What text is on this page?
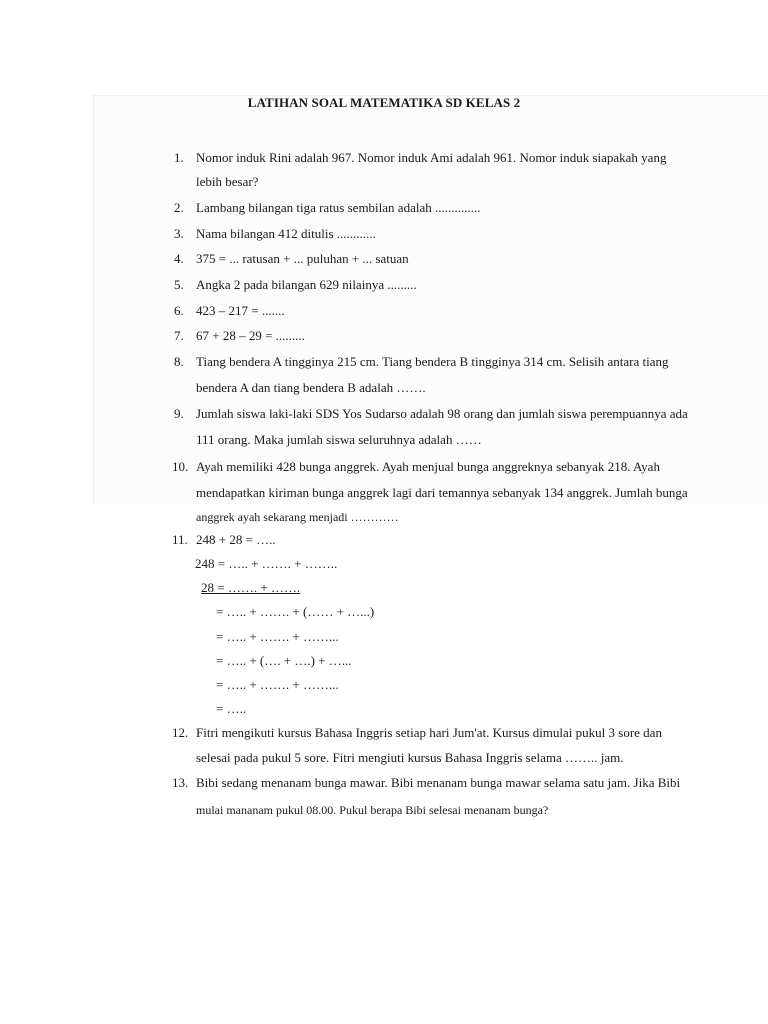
LATIHAN SOAL MATEMATIKA SD KELAS 2
1. Nomor induk Rini adalah 967. Nomor induk Ami adalah 961. Nomor induk siapakah yang
lebih besar?
2. Lambang bilangan tiga ratus sembilan adalah ..............
3. Nama bilangan 412 ditulis ............
4. 375 = ... ratusan + ... puluhan + ... satuan
5. Angka 2 pada bilangan 629 nilainya .........
6. 423 – 217 = .......
7. 67 + 28 – 29 = .........
8. Tiang bendera A tingginya 215 cm. Tiang bendera B tingginya 314 cm. Selisih antara tiang
bendera A dan tiang bendera B adalah …….
9. Jumlah siswa laki-laki SDS Yos Sudarso adalah 98 orang dan jumlah siswa perempuannya ada
111 orang. Maka jumlah siswa seluruhnya adalah ……
10. Ayah memiliki 428 bunga anggrek. Ayah menjual bunga anggreknya sebanyak 218. Ayah
mendapatkan kiriman bunga anggrek lagi dari temannya sebanyak 134 anggrek. Jumlah bunga
anggrek ayah sekarang menjadi …………
11. 248 + 28 = …..
248 = ….. + ……. + ……..
28 = ……. + …….
= ….. + ……. + (…… + …...)
= ….. + ……. + ……...
= ….. + (…. + ….) + …...
= ….. + ……. + ……...
= …..
12. Fitri mengikuti kursus Bahasa Inggris setiap hari Jum'at. Kursus dimulai pukul 3 sore dan
selesai pada pukul 5 sore. Fitri mengiuti kursus Bahasa Inggris selama …….. jam.
13. Bibi sedang menanam bunga mawar. Bibi menanam bunga mawar selama satu jam. Jika Bibi
mulai mananam pukul 08.00. Pukul berapa Bibi selesai menanam bunga?
